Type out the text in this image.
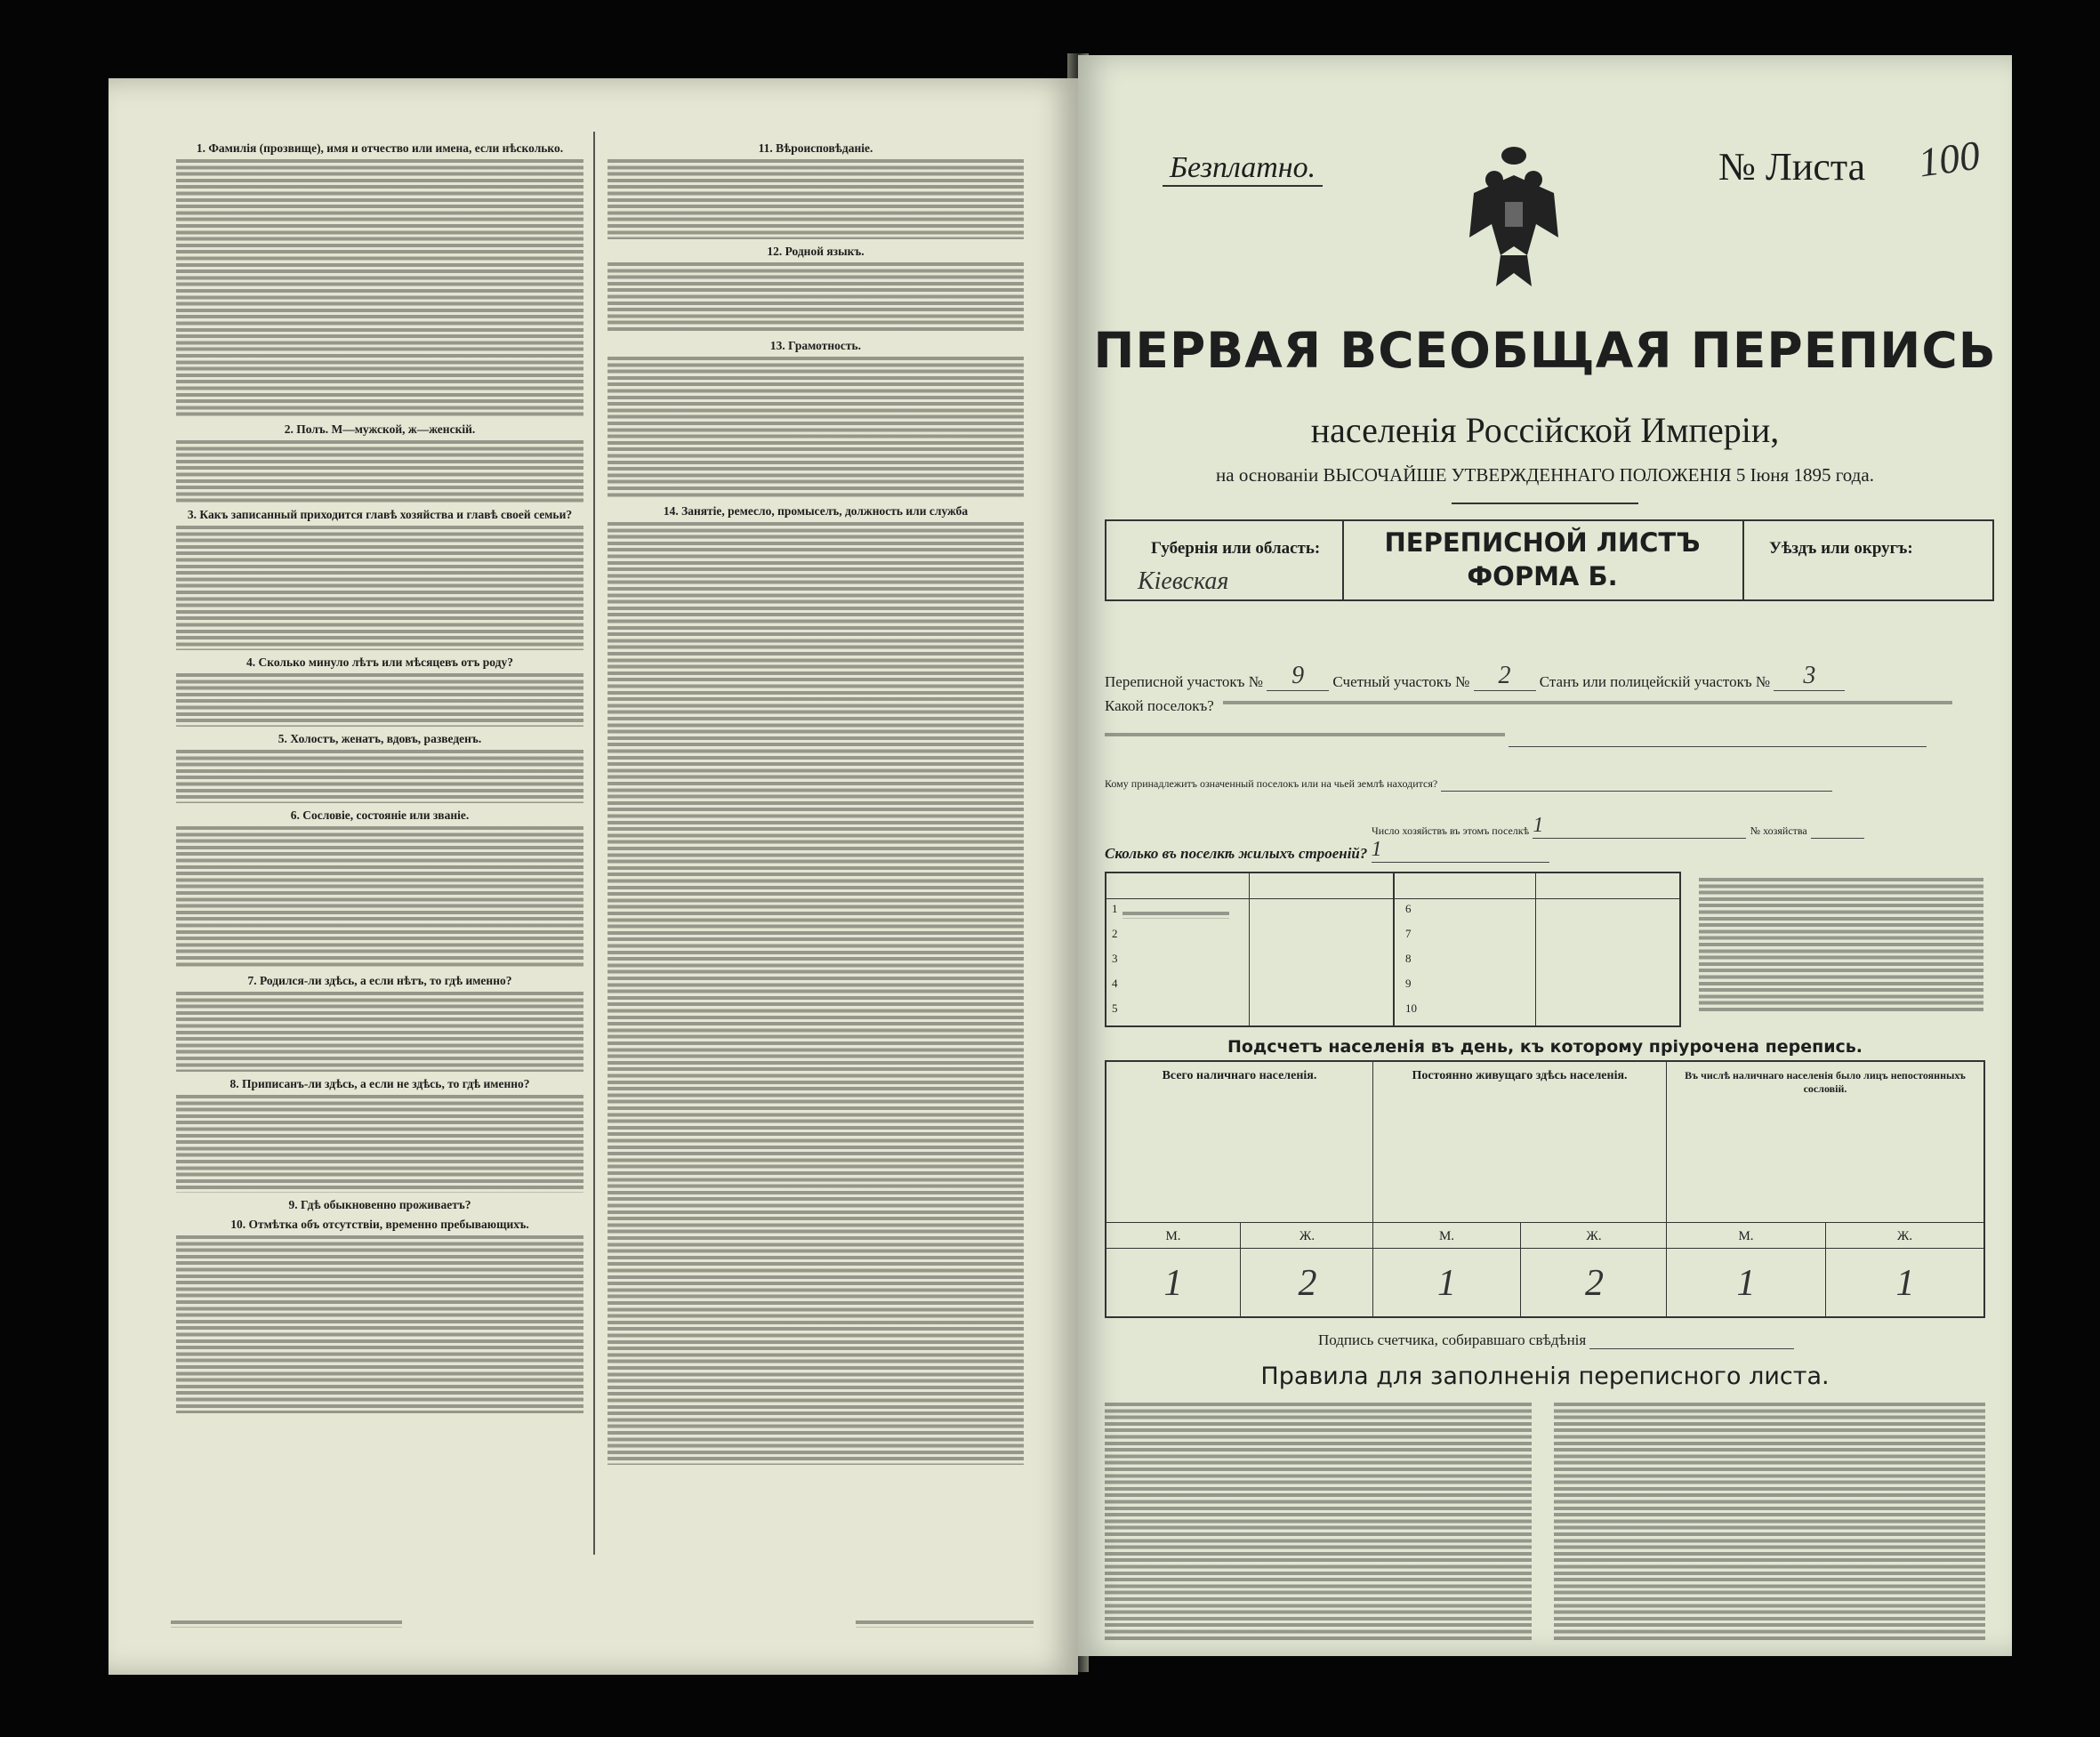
1. Фамилія (прозвище), имя и отчество или имена, если нѣсколько.
2. Полъ. М—мужской, ж—женскій.
3. Какъ записанный приходится главѣ хозяйства и главѣ своей семьи?
4. Сколько минуло лѣтъ или мѣсяцевъ отъ роду?
5. Холостъ, женатъ, вдовъ, разведенъ.
6. Сословіе, состояніе или званіе.
7. Родился-ли здѣсь, а если нѣтъ, то гдѣ именно?
8. Приписанъ-ли здѣсь, а если не здѣсь, то гдѣ именно?
9. Гдѣ обыкновенно проживаетъ?
10. Отмѣтка объ отсутствіи, временно пребывающихъ.
11. Вѣроисповѣданіе.
12. Родной языкъ.
13. Грамотность.
14. Занятіе, ремесло, промыселъ, должность или служба
Безплатно.	№ Листа 100
ПЕРВАЯ ВСЕОБЩАЯ ПЕРЕПИСЬ
населенія Россійской Имперіи,
на основаніи ВЫСОЧАЙШЕ УТВЕРЖДЕННАГО ПОЛОЖЕНІЯ 5 Іюня 1895 года.
Губернія или область:
Кіевская
ПЕРЕПИСНОЙ ЛИСТЪ
ФОРМА Б.
Уѣздъ или округъ:
Переписной участокъ № 9 Счетный участокъ № 2 Станъ или полицейскій участокъ № 3
Какой поселокъ?

Кому принадлежитъ означенный поселокъ или на чьей землѣ находится?
Число хозяйствъ въ этомъ поселкѣ 1	№ хозяйства
Сколько въ поселкѣ жилыхъ строеній? 1
1
2
3
4
5
6
7
8
9
10
Подсчетъ населенія въ день, къ которому пріурочена перепись.
Всего наличнаго населенія.	Постоянно живущаго здѣсь населенія.	Въ числѣ наличнаго населенія было лицъ непостоянныхъ сословій.
М.	Ж.	М.	Ж.	М.	Ж.
1	2	1	2	1	1
Подпись счетчика, собиравшаго свѣдѣнія
Правила для заполненія переписного листа.
